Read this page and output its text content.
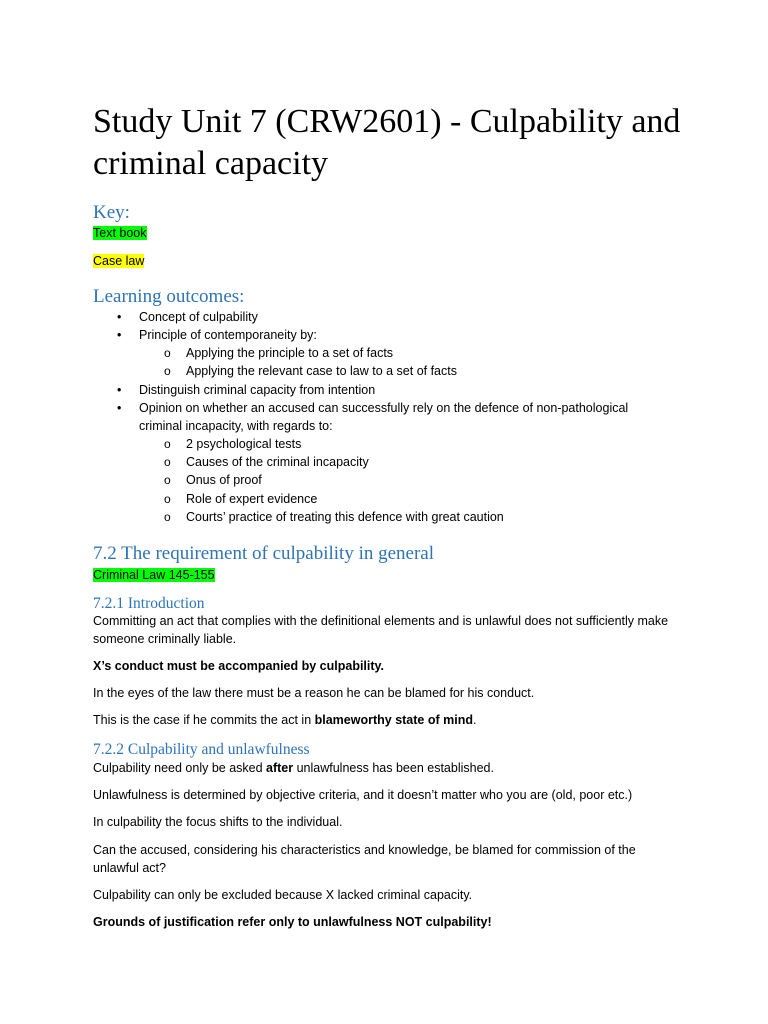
Study Unit 7 (CRW2601) - Culpability and criminal capacity
Key:
Text book
Case law
Learning outcomes:
• Concept of culpability
• Principle of contemporaneity by:
o Applying the principle to a set of facts
o Applying the relevant case to law to a set of facts
• Distinguish criminal capacity from intention
• Opinion on whether an accused can successfully rely on the defence of non-pathological criminal incapacity, with regards to:
o 2 psychological tests
o Causes of the criminal incapacity
o Onus of proof
o Role of expert evidence
o Courts’ practice of treating this defence with great caution
7.2 The requirement of culpability in general
Criminal Law 145-155
7.2.1 Introduction
Committing an act that complies with the definitional elements and is unlawful does not sufficiently make someone criminally liable.
X’s conduct must be accompanied by culpability.
In the eyes of the law there must be a reason he can be blamed for his conduct.
This is the case if he commits the act in blameworthy state of mind.
7.2.2 Culpability and unlawfulness
Culpability need only be asked after unlawfulness has been established.
Unlawfulness is determined by objective criteria, and it doesn’t matter who you are (old, poor etc.)
In culpability the focus shifts to the individual.
Can the accused, considering his characteristics and knowledge, be blamed for commission of the unlawful act?
Culpability can only be excluded because X lacked criminal capacity.
Grounds of justification refer only to unlawfulness NOT culpability!
